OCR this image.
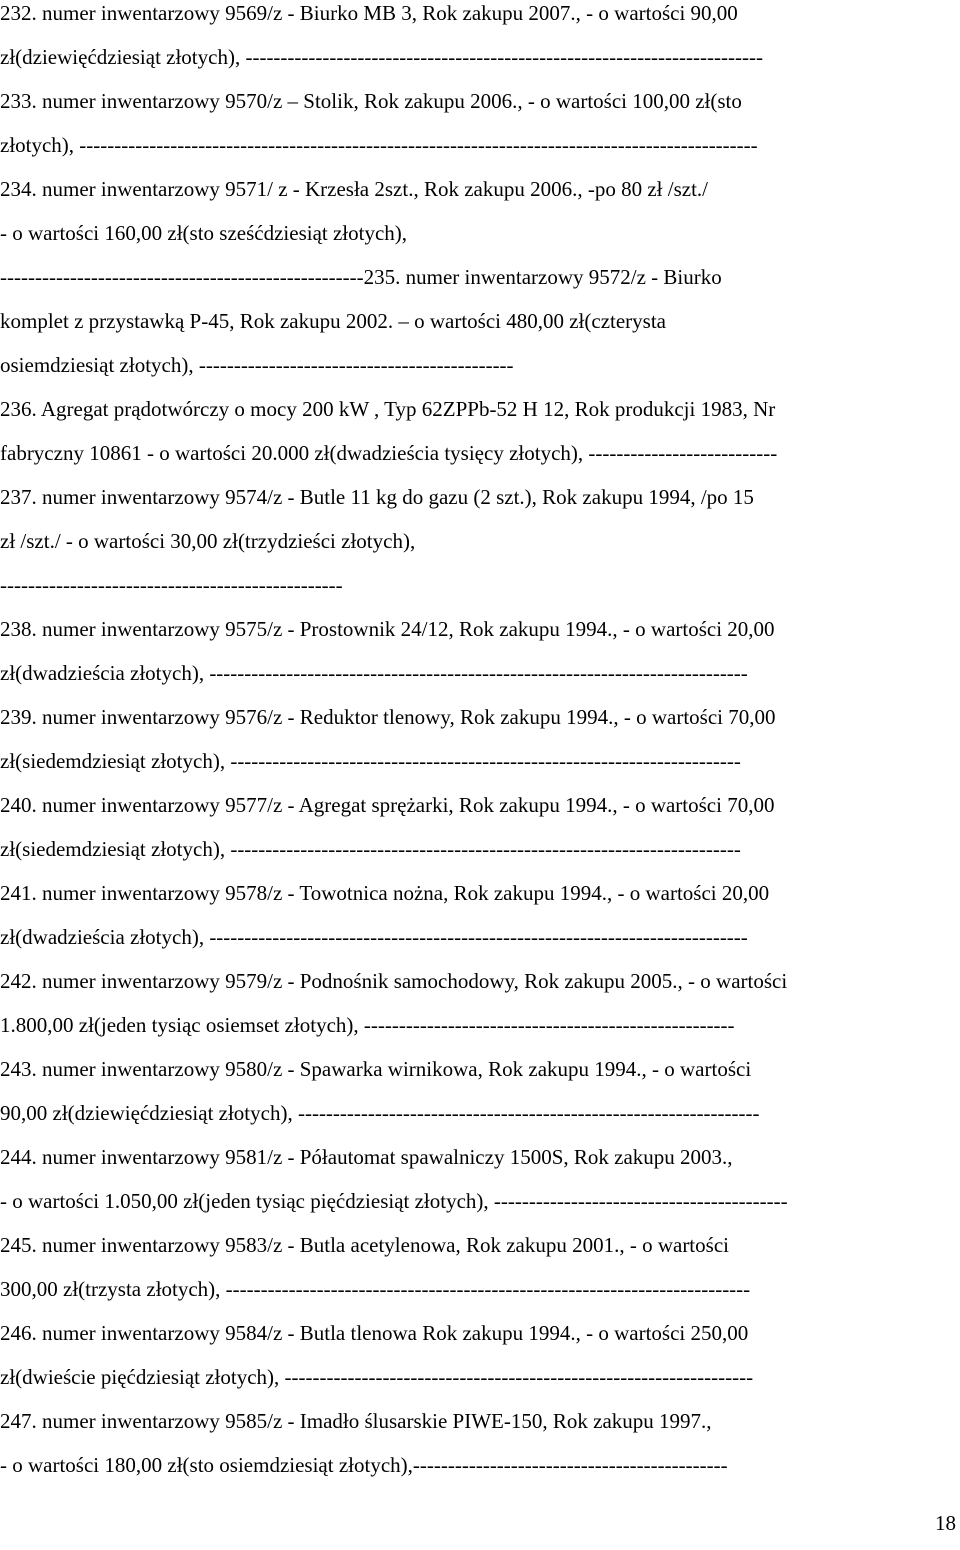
232. numer inwentarzowy 9569/z - Biurko MB 3, Rok zakupu 2007., - o wartości 90,00
zł(dziewięćdziesiąt złotych), --------------------------------------------------------------------------
233. numer inwentarzowy 9570/z – Stolik, Rok zakupu 2006., - o wartości 100,00 zł(sto
złotych), -------------------------------------------------------------------------------------------------
234. numer inwentarzowy 9571/ z - Krzesła 2szt., Rok zakupu 2006., -po 80 zł /szt./
- o wartości 160,00 zł(sto sześćdziesiąt złotych),
----------------------------------------------------235. numer inwentarzowy 9572/z - Biurko
komplet z przystawką P-45, Rok zakupu 2002. – o wartości 480,00 zł(czterysta
osiemdziesiąt złotych), ---------------------------------------------
236. Agregat prądotwórczy o mocy 200 kW , Typ 62ZPPb-52 H 12, Rok produkcji 1983, Nr
fabryczny 10861 - o wartości 20.000 zł(dwadzieścia tysięcy złotych), ---------------------------
237. numer inwentarzowy 9574/z - Butle 11 kg do gazu (2 szt.), Rok zakupu 1994, /po 15
zł /szt./ - o wartości 30,00 zł(trzydzieści złotych),
-------------------------------------------------
238. numer inwentarzowy 9575/z - Prostownik 24/12, Rok zakupu 1994., - o wartości 20,00
zł(dwadzieścia złotych), -----------------------------------------------------------------------------
239. numer inwentarzowy 9576/z - Reduktor tlenowy, Rok zakupu 1994., - o wartości 70,00
zł(siedemdziesiąt złotych), -------------------------------------------------------------------------
240. numer inwentarzowy 9577/z - Agregat sprężarki, Rok zakupu 1994., - o wartości 70,00
zł(siedemdziesiąt złotych), -------------------------------------------------------------------------
241. numer inwentarzowy 9578/z - Towotnica nożna, Rok zakupu 1994., - o wartości 20,00
zł(dwadzieścia złotych), -----------------------------------------------------------------------------
242. numer inwentarzowy 9579/z - Podnośnik samochodowy, Rok zakupu 2005., - o wartości
1.800,00 zł(jeden tysiąc osiemset złotych), -----------------------------------------------------
243. numer inwentarzowy 9580/z - Spawarka wirnikowa, Rok zakupu 1994., - o wartości
90,00 zł(dziewięćdziesiąt złotych), ------------------------------------------------------------------
244. numer inwentarzowy 9581/z - Półautomat spawalniczy 1500S, Rok zakupu 2003.,
- o wartości 1.050,00 zł(jeden tysiąc pięćdziesiąt złotych), ------------------------------------------
245. numer inwentarzowy 9583/z - Butla acetylenowa, Rok zakupu 2001., - o wartości
300,00 zł(trzysta złotych), ---------------------------------------------------------------------------
246. numer inwentarzowy 9584/z - Butla tlenowa Rok zakupu 1994., - o wartości 250,00
zł(dwieście pięćdziesiąt złotych), -------------------------------------------------------------------
247. numer inwentarzowy 9585/z - Imadło ślusarskie PIWE-150, Rok zakupu 1997.,
- o wartości 180,00 zł(sto osiemdziesiąt złotych),---------------------------------------------
18
